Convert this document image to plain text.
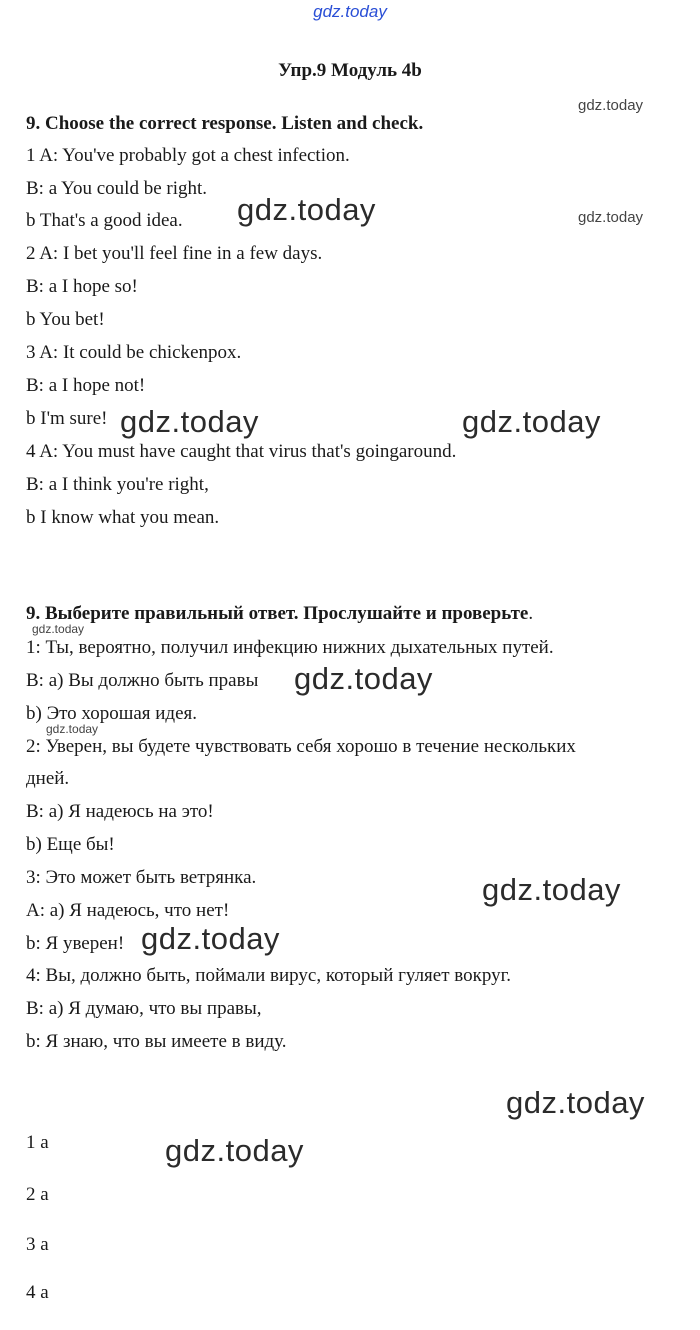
gdz.today
Упр.9 Модуль 4b
9. Choose the correct response. Listen and check.
1 A: You've probably got a chest infection.
B: a You could be right.
b That's a good idea.
2 A: I bet you'll feel fine in a few days.
B: a I hope so!
b You bet!
3 A: It could be chickenpox.
B: a I hope not!
b I'm sure!
4 A: You must have caught that virus that's goingaround.
B: a I think you're right,
b I know what you mean.
9. Выберите правильный ответ. Прослушайте и проверьте.
1: Ты, вероятно, получил инфекцию нижних дыхательных путей.
B: а) Вы должно быть правы
b) Это хорошая идея.
2: Уверен, вы будете чувствовать себя хорошо в течение нескольких
дней.
B: а) Я надеюсь на это!
b) Еще бы!
3: Это может быть ветрянка.
A: а) Я надеюсь, что нет!
b: Я уверен!
4: Вы, должно быть, поймали вирус, который гуляет вокруг.
B: а) Я думаю, что вы правы,
b: Я знаю, что вы имеете в виду.
1 a
2 a
3 a
4 a
gdz.today
gdz.today	gdz.today
gdz.today	gdz.today
gdz.today
gdz.today
gdz.today
gdz.today
gdz.today
gdz.today
gdz.today
